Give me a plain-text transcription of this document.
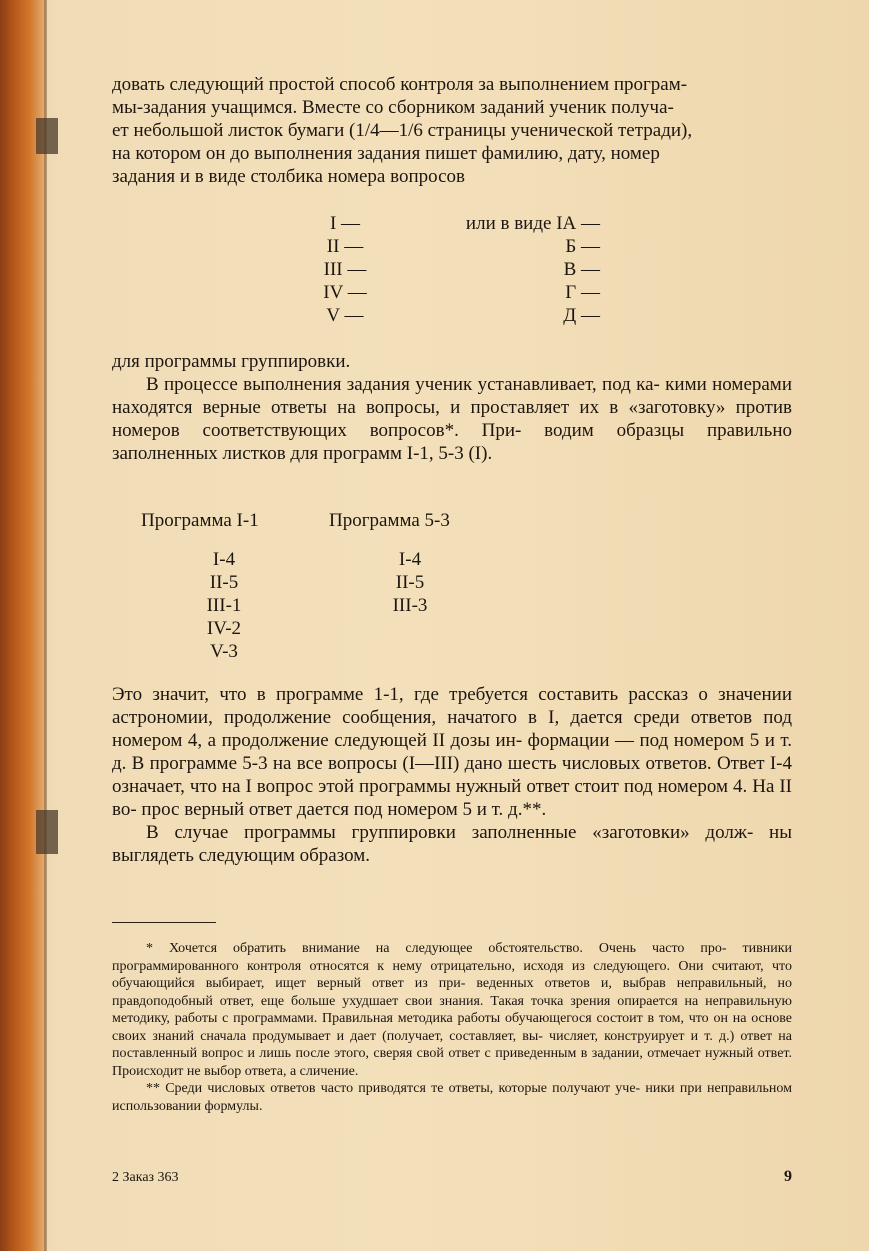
довать следующий простой способ контроля за выполнением програм-

мы-задания учащимся. Вместе со сборником заданий ученик получа-

ет небольшой листок бумаги (1/4—1/6 страницы ученической тетради),

на котором он до выполнения задания пишет фамилию, дату, номер

задания и в виде столбика номера вопросов

I —
II —
III —
IV —
V —
или в виде IА —
Б —
В —
Г —
Д —

для программы группировки.

В процессе выполнения задания ученик устанавливает, под ка- кими номерами находятся верные ответы на вопросы, и проставляет их в «заготовку» против номеров соответствующих вопросов*. При- водим образцы правильно заполненных листков для программ I-1, 5-3 (I).

Программа I-1	Программа 5-3
I-4
II-5
III-1
IV-2
V-3
I-4
II-5
III-3

Это значит, что в программе 1-1, где требуется составить рассказ о значении астрономии, продолжение сообщения, начатого в I, дается среди ответов под номером 4, а продолжение следующей II дозы ин- формации — под номером 5 и т. д. В программе 5-3 на все вопросы (I—III) дано шесть числовых ответов. Ответ I-4 означает, что на I вопрос этой программы нужный ответ стоит под номером 4. На II во- прос верный ответ дается под номером 5 и т. д.**.

В случае программы группировки заполненные «заготовки» долж- ны выглядеть следующим образом.

* Хочется обратить внимание на следующее обстоятельство. Очень часто про- тивники программированного контроля относятся к нему отрицательно, исходя из следующего. Они считают, что обучающийся выбирает, ищет верный ответ из при- веденных ответов и, выбрав неправильный, но правдоподобный ответ, еще больше ухудшает свои знания. Такая точка зрения опирается на неправильную методику, работы с программами. Правильная методика работы обучающегося состоит в том, что он на основе своих знаний сначала продумывает и дает (получает, составляет, вы- числяет, конструирует и т. д.) ответ на поставленный вопрос и лишь после этого, сверяя свой ответ с приведенным в задании, отмечает нужный ответ. Происходит не выбор ответа, а сличение.

** Среди числовых ответов часто приводятся те ответы, которые получают уче- ники при неправильном использовании формулы.

2 Заказ 363	9
